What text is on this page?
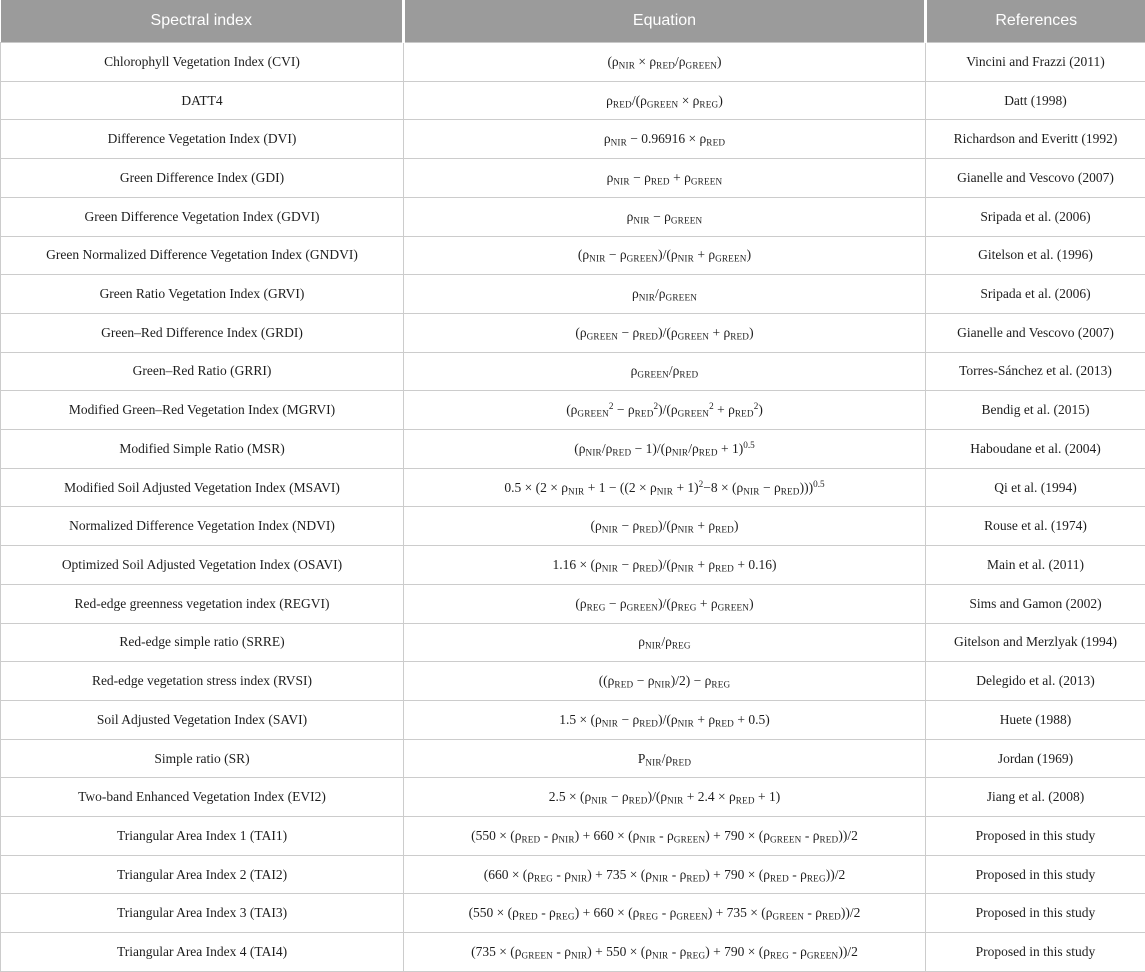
Spectral index	Equation	References
Chlorophyll Vegetation Index (CVI)	$(\rho_{NIR} \times \rho_{RED}/\rho_{GREEN})$	Vincini and Frazzi (2011)
DATT4	$\rho_{RED}/(\rho_{GREEN} \times \rho_{REG})$	Datt (1998)
Difference Vegetation Index (DVI)	$\rho_{NIR} - 0.96916 \times \rho_{RED}$	Richardson and Everitt (1992)
Green Difference Index (GDI)	$\rho_{NIR} - \rho_{RED} + \rho_{GREEN}$	Gianelle and Vescovo (2007)
Green Difference Vegetation Index (GDVI)	$\rho_{NIR} - \rho_{GREEN}$	Sripada et al. (2006)
Green Normalized Difference Vegetation Index (GNDVI)	$(\rho_{NIR} - \rho_{GREEN})/(\rho_{NIR} + \rho_{GREEN})$	Gitelson et al. (1996)
Green Ratio Vegetation Index (GRVI)	$\rho_{NIR}/\rho_{GREEN}$	Sripada et al. (2006)
Green–Red Difference Index (GRDI)	$(\rho_{GREEN} - \rho_{RED})/(\rho_{GREEN} + \rho_{RED})$	Gianelle and Vescovo (2007)
Green–Red Ratio (GRRI)	$\rho_{GREEN}/\rho_{RED}$	Torres-Sánchez et al. (2013)
Modified Green–Red Vegetation Index (MGRVI)	$(\rho_{GREEN}^2 - \rho_{RED}^2)/(\rho_{GREEN}^2 + \rho_{RED}^2)$	Bendig et al. (2015)
Modified Simple Ratio (MSR)	$(\rho_{NIR}/\rho_{RED} - 1)/(\rho_{NIR}/\rho_{RED} + 1)^{0.5}$	Haboudane et al. (2004)
Modified Soil Adjusted Vegetation Index (MSAVI)	$0.5 \times (2 \times \rho_{NIR} + 1 - ((2 \times \rho_{NIR} + 1)^2-8 \times (\rho_{NIR} - \rho_{RED})))^{0.5}$	Qi et al. (1994)
Normalized Difference Vegetation Index (NDVI)	$(\rho_{NIR} - \rho_{RED})/(\rho_{NIR} + \rho_{RED})$	Rouse et al. (1974)
Optimized Soil Adjusted Vegetation Index (OSAVI)	$1.16 \times (\rho_{NIR} - \rho_{RED})/(\rho_{NIR} + \rho_{RED} + 0.16)$	Main et al. (2011)
Red-edge greenness vegetation index (REGVI)	$(\rho_{REG} - \rho_{GREEN})/(\rho_{REG} + \rho_{GREEN})$	Sims and Gamon (2002)
Red-edge simple ratio (SRRE)	$\rho_{NIR}/\rho_{REG}$	Gitelson and Merzlyak (1994)
Red-edge vegetation stress index (RVSI)	$((\rho_{RED} - \rho_{NIR})/2) - \rho_{REG}$	Delegido et al. (2013)
Soil Adjusted Vegetation Index (SAVI)	$1.5 \times (\rho_{NIR} - \rho_{RED})/(\rho_{NIR} + \rho_{RED} + 0.5)$	Huete (1988)
Simple ratio (SR)	$P_{NIR}/\rho_{RED}$	Jordan (1969)
Two-band Enhanced Vegetation Index (EVI2)	$2.5 \times (\rho_{NIR} - \rho_{RED})/(\rho_{NIR} + 2.4 \times \rho_{RED} + 1)$	Jiang et al. (2008)
Triangular Area Index 1 (TAI1)	$(550 \times (\rho_{RED} - \rho_{NIR}) + 660 \times (\rho_{NIR} - \rho_{GREEN}) + 790 \times (\rho_{GREEN} - \rho_{RED}))/2$	Proposed in this study
Triangular Area Index 2 (TAI2)	$(660 \times (\rho_{REG} - \rho_{NIR}) + 735 \times (\rho_{NIR} - \rho_{RED}) + 790 \times (\rho_{RED} - \rho_{REG}))/2$	Proposed in this study
Triangular Area Index 3 (TAI3)	$(550 \times (\rho_{RED} - \rho_{REG}) + 660 \times (\rho_{REG} - \rho_{GREEN}) + 735 \times (\rho_{GREEN} - \rho_{RED}))/2$	Proposed in this study
Triangular Area Index 4 (TAI4)	$(735 \times (\rho_{GREEN} - \rho_{NIR}) + 550 \times (\rho_{NIR} - \rho_{REG}) + 790 \times (\rho_{REG} - \rho_{GREEN}))/2$	Proposed in this study
